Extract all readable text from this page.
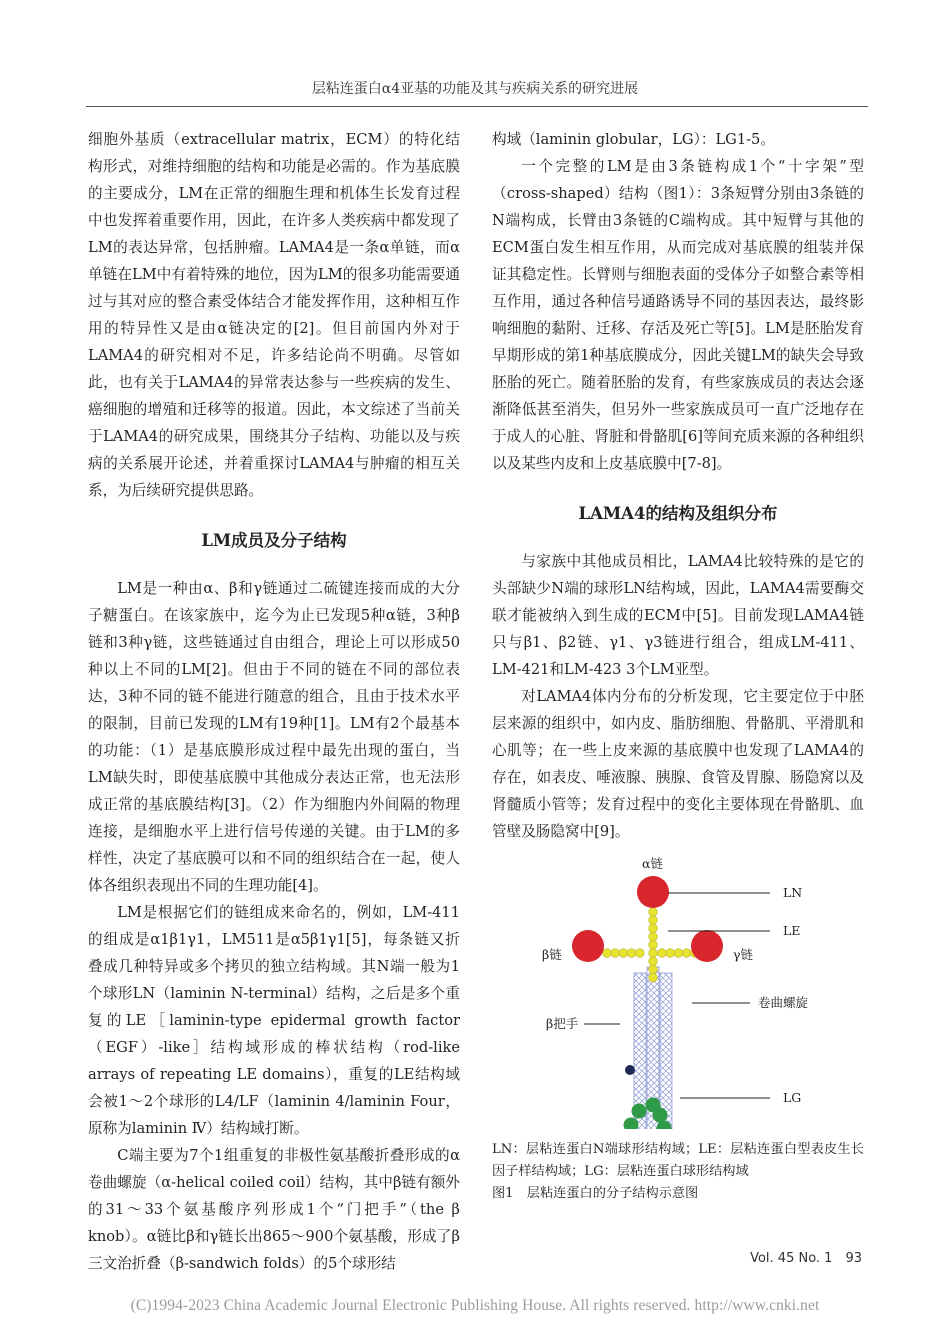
层粘连蛋白α4亚基的功能及其与疾病关系的研究进展

细胞外基质（extracellular matrix，ECM）的特化结构形式，对维持细胞的结构和功能是必需的。作为基底膜的主要成分，LM在正常的细胞生理和机体生长发育过程中也发挥着重要作用，因此，在许多人类疾病中都发现了LM的表达异常，包括肿瘤。LAMA4是一条α单链，而α单链在LM中有着特殊的地位，因为LM的很多功能需要通过与其对应的整合素受体结合才能发挥作用，这种相互作用的特异性又是由α链决定的[2]。但目前国内外对于LAMA4的研究相对不足，许多结论尚不明确。尽管如此，也有关于LAMA4的异常表达参与一些疾病的发生、癌细胞的增殖和迁移等的报道。因此，本文综述了当前关于LAMA4的研究成果，围绕其分子结构、功能以及与疾病的关系展开论述，并着重探讨LAMA4与肿瘤的相互关系，为后续研究提供思路。

LM成员及分子结构

LM是一种由α、β和γ链通过二硫键连接而成的大分子糖蛋白。在该家族中，迄今为止已发现5种α链，3种β链和3种γ链，这些链通过自由组合，理论上可以形成50种以上不同的LM[2]。但由于不同的链在不同的部位表达，3种不同的链不能进行随意的组合，且由于技术水平的限制，目前已发现的LM有19种[1]。LM有2个最基本的功能：（1）是基底膜形成过程中最先出现的蛋白，当LM缺失时，即使基底膜中其他成分表达正常，也无法形成正常的基底膜结构[3]。（2）作为细胞内外间隔的物理连接，是细胞水平上进行信号传递的关键。由于LM的多样性，决定了基底膜可以和不同的组织结合在一起，使人体各组织表现出不同的生理功能[4]。

LM是根据它们的链组成来命名的，例如，LM-411的组成是α1β1γ1，LM511是α5β1γ1[5]，每条链又折叠成几种特异或多个拷贝的独立结构域。其N端一般为1个球形LN（laminin N-terminal）结构，之后是多个重复的LE［laminin-type epidermal growth factor（EGF）-like］结构域形成的棒状结构（rod-like arrays of repeating LE domains），重复的LE结构域会被1～2个球形的L4/LF（laminin 4/laminin Four，原称为laminin Ⅳ）结构域打断。

C端主要为7个1组重复的非极性氨基酸折叠形成的α卷曲螺旋（α-helical coiled coil）结构，其中β链有额外的31～33个氨基酸序列形成1个“门把手”（the β knob）。α链比β和γ链长出865～900个氨基酸，形成了β三文治折叠（β-sandwich folds）的5个球形结

构域（laminin globular，LG）：LG1-5。

一个完整的LM是由3条链构成1个“十字架”型（cross-shaped）结构（图1）：3条短臂分别由3条链的N端构成，长臂由3条链的C端构成。其中短臂与其他的ECM蛋白发生相互作用，从而完成对基底膜的组装并保证其稳定性。长臂则与细胞表面的受体分子如整合素等相互作用，通过各种信号通路诱导不同的基因表达，最终影响细胞的黏附、迁移、存活及死亡等[5]。LM是胚胎发育早期形成的第1种基底膜成分，因此关键LM的缺失会导致胚胎的死亡。随着胚胎的发育，有些家族成员的表达会逐渐降低甚至消失，但另外一些家族成员可一直广泛地存在于成人的心脏、肾脏和骨骼肌[6]等间充质来源的各种组织以及某些内皮和上皮基底膜中[7-8]。

LAMA4的结构及组织分布

与家族中其他成员相比，LAMA4比较特殊的是它的头部缺少N端的球形LN结构域，因此，LAMA4需要酶交联才能被纳入到生成的ECM中[5]。目前发现LAMA4链只与β1、β2链、γ1、γ3链进行组合，组成LM-411、LM-421和LM-423 3个LM亚型。

对LAMA4体内分布的分析发现，它主要定位于中胚层来源的组织中，如内皮、脂肪细胞、骨骼肌、平滑肌和心肌等；在一些上皮来源的基底膜中也发现了LAMA4的存在，如表皮、唾液腺、胰腺、食管及胃腺、肠隐窝以及肾髓质小管等；发育过程中的变化主要体现在骨骼肌、血管壁及肠隐窝中[9]。

α链
β链	γ链
LN
LE
卷曲螺旋
β把手
LG
LN：层粘连蛋白N端球形结构域；LE：层粘连蛋白型表皮生长因子样结构域；LG：层粘连蛋白球形结构域
图1　层粘连蛋白的分子结构示意图
Vol. 45 No. 1　93
(C)1994-2023 China Academic Journal Electronic Publishing House. All rights reserved. http://www.cnki.net
